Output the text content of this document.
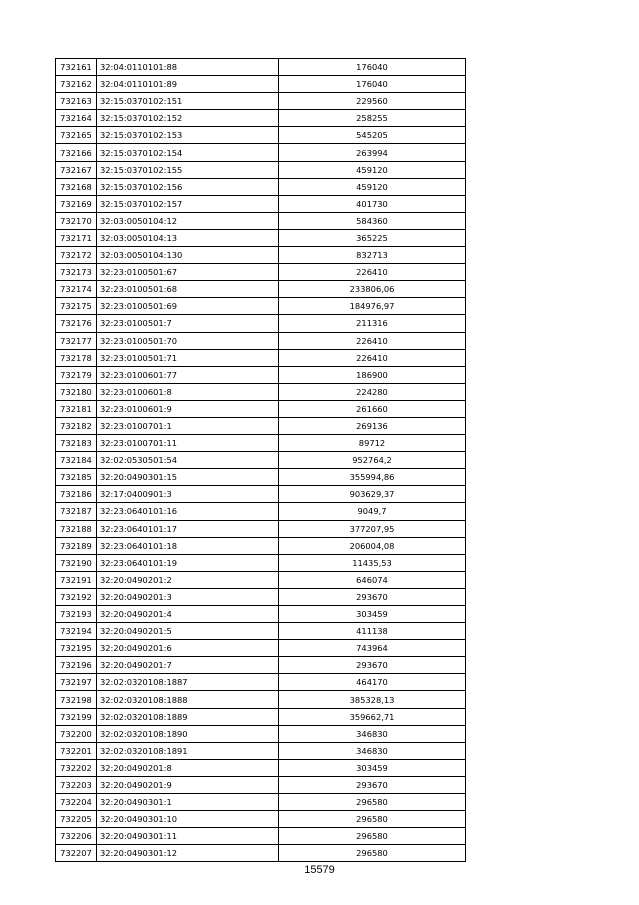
732161	32:04:0110101:88	176040
732162	32:04:0110101:89	176040
732163	32:15:0370102:151	229560
732164	32:15:0370102:152	258255
732165	32:15:0370102:153	545205
732166	32:15:0370102:154	263994
732167	32:15:0370102:155	459120
732168	32:15:0370102:156	459120
732169	32:15:0370102:157	401730
732170	32:03:0050104:12	584360
732171	32:03:0050104:13	365225
732172	32:03:0050104:130	832713
732173	32:23:0100501:67	226410
732174	32:23:0100501:68	233806,06
732175	32:23:0100501:69	184976,97
732176	32:23:0100501:7	211316
732177	32:23:0100501:70	226410
732178	32:23:0100501:71	226410
732179	32:23:0100601:77	186900
732180	32:23:0100601:8	224280
732181	32:23:0100601:9	261660
732182	32:23:0100701:1	269136
732183	32:23:0100701:11	89712
732184	32:02:0530501:54	952764,2
732185	32:20:0490301:15	355994,86
732186	32:17:0400901:3	903629,37
732187	32:23:0640101:16	9049,7
732188	32:23:0640101:17	377207,95
732189	32:23:0640101:18	206004,08
732190	32:23:0640101:19	11435,53
732191	32:20:0490201:2	646074
732192	32:20:0490201:3	293670
732193	32:20:0490201:4	303459
732194	32:20:0490201:5	411138
732195	32:20:0490201:6	743964
732196	32:20:0490201:7	293670
732197	32:02:0320108:1887	464170
732198	32:02:0320108:1888	385328,13
732199	32:02:0320108:1889	359662,71
732200	32:02:0320108:1890	346830
732201	32:02:0320108:1891	346830
732202	32:20:0490201:8	303459
732203	32:20:0490201:9	293670
732204	32:20:0490301:1	296580
732205	32:20:0490301:10	296580
732206	32:20:0490301:11	296580
732207	32:20:0490301:12	296580
15579
